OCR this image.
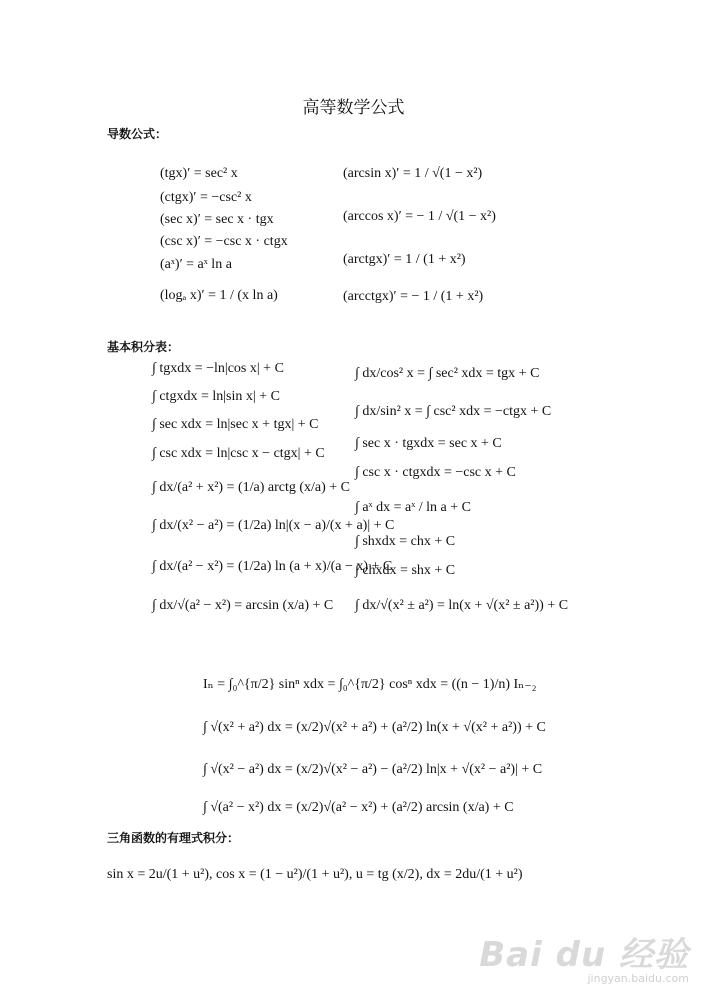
高等数学公式
导数公式：
(tgx)′ = sec² x
(ctgx)′ = −csc² x
(sec x)′ = sec x · tgx
(csc x)′ = −csc x · ctgx
(aˣ)′ = aˣ ln a
(logₐ x)′ = 1 / (x ln a)
(arcsin x)′ = 1 / √(1 − x²)
(arccos x)′ = − 1 / √(1 − x²)
(arctgx)′ = 1 / (1 + x²)
(arcctgx)′ = − 1 / (1 + x²)
基本积分表：
∫ tgxdx = −ln|cos x| + C
∫ ctgxdx = ln|sin x| + C
∫ sec xdx = ln|sec x + tgx| + C
∫ csc xdx = ln|csc x − ctgx| + C
∫ dx/(a² + x²) = (1/a) arctg (x/a) + C
∫ dx/(x² − a²) = (1/2a) ln|(x − a)/(x + a)| + C
∫ dx/(a² − x²) = (1/2a) ln (a + x)/(a − x) + C
∫ dx/√(a² − x²) = arcsin (x/a) + C
∫ dx/cos² x = ∫ sec² xdx = tgx + C
∫ dx/sin² x = ∫ csc² xdx = −ctgx + C
∫ sec x · tgxdx = sec x + C
∫ csc x · ctgxdx = −csc x + C
∫ aˣ dx = aˣ / ln a + C
∫ shxdx = chx + C
∫ chxdx = shx + C
∫ dx/√(x² ± a²) = ln(x + √(x² ± a²)) + C
Iₙ = ∫₀^{π/2} sinⁿ xdx = ∫₀^{π/2} cosⁿ xdx = ((n − 1)/n) Iₙ₋₂
∫ √(x² + a²) dx = (x/2)√(x² + a²) + (a²/2) ln(x + √(x² + a²)) + C
∫ √(x² − a²) dx = (x/2)√(x² − a²) − (a²/2) ln|x + √(x² − a²)| + C
∫ √(a² − x²) dx = (x/2)√(a² − x²) + (a²/2) arcsin (x/a) + C
三角函数的有理式积分：
sin x = 2u/(1 + u²), cos x = (1 − u²)/(1 + u²), u = tg (x/2), dx = 2du/(1 + u²)
Bai du 经验
jingyan.baidu.com
